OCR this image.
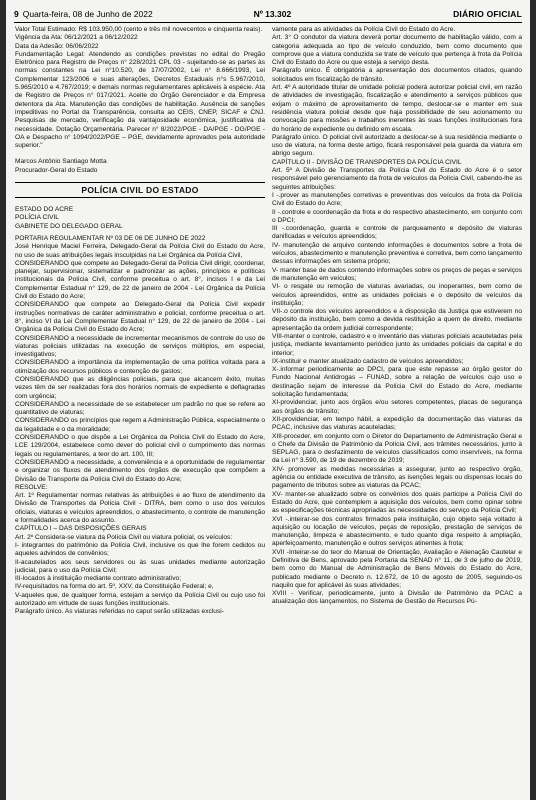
9 Quarta-feira, 08 de Junho de 2022	Nº 13.302	DIÁRIO OFICIAL

Valor Total Estimado: R$ 103.950,00 (cento e três mil novecentos e cinquenta reais).

Vigência da Ata: 06/12/2021 a 06/12/2022

Data da Adesão: 06/06/2022

Fundamentação Legal: Atendendo as condições previstas no edital do Pregão Eletrônico para Registro de Preços n° 228/2021 CPL 03 - sujeitando-se as partes às normas constantes na Lei n°10.520, de 17/07/2002, Lei n° 8.666/1993, Lei Complementar 123/2006 e suas alterações, Decretos Estaduais n°s 5.967/2010, 5.965/2010 e 4.767/2019; e demais normas regulamentares aplicáveis à espécie. Ata de Registro de Preços n° 017/2021. Aceite do Órgão Gerenciador e da Empresa detentora da Ata. Manutenção das condições de habilitação. Ausência de sanções impeditivas no Portal da Transparência, consulta ao CEIS, CNEP, SICAF e CNJ. Pesquisas de mercado, verificação da vantajosidade econômica, justificativa da necessidade. Dotação Orçamentária. Parecer n° 8/2022/PGE - DA/PGE - DG/PGE - OA e Despacho n° 1094/2022/PGE – PGE, devidamente aprovados pela autoridade superior."

Marcos Antônio Santiago Motta

Procurador-Geral do Estado

POLÍCIA CIVIL DO ESTADO

ESTADO DO ACRE

POLÍCIA CIVIL

GABINETE DO DELEGADO GERAL

PORTARIA REGULAMENTAR Nº 03 DE 06 DE JUNHO DE 2022

José Henrique Maciel Ferreira, Delegado-Geral da Polícia Civil do Estado do Acre, no uso de suas atribuições legais insculpidas na Lei Orgânica da Polícia Civil,

CONSIDERANDO que compete ao Delegado-Geral da Polícia Civil dirigir, coordenar, planejar, supervisionar, sistematizar e padronizar as ações, princípios e políticas institucionais da Polícia Civil, conforme preceitua o art. 8°, incisos I e da Lei Complementar Estadual n° 129, de 22 de janeiro de 2004 - Lei Orgânica da Polícia Civil do Estado do Acre;

CONSIDERANDO que compete ao Delegado-Geral da Polícia Civil expedir instruções normativas de caráter administrativo e policial, conforme preceitua o art. 8°, inciso VI da Lei Complementar Estadual n° 129, de 22 de janeiro de 2004 - Lei Orgânica da Polícia Civil do Estado do Acre;

CONSIDERANDO a necessidade de incrementar mecanismos de controle do uso de viaturas policiais utilizadas na execução de serviços múltiplos, em especial, investigativos;

CONSIDERANDO a importância da implementação de uma política voltada para a otimização dos recursos públicos e contenção de gastos;

CONSIDERANDO que as diligências policiais, para que alcancem êxito, muitas vezes têm de ser realizadas fora dos horários normais de expediente e deflagradas com urgência;

CONSIDERANDO a necessidade de se estabelecer um padrão no que se refere ao quantitativo de viaturas;

CONSIDERANDO os princípios que regem a Administração Pública, especialmente o da legalidade e o da moralidade;

CONSIDERANDO o que dispõe a Lei Orgânica da Polícia Civil do Estado do Acre, LCE 129/2004, estabelece como dever do policial civil o cumprimento das normas legais ou regulamentares, a teor do art. 100, III;

CONSIDERANDO a necessidade, a conveniência e a oportunidade de regulamentar e organizar os fluxos de atendimento dos órgãos de execução que compõem a Divisão de Transporte da Polícia Civil do Estado do Acre;

RESOLVE:

Art. 1º Regulamentar normas relativas às atribuições e ao fluxo de atendimento da Divisão de Transportes da Polícia Civil - DITRA, bem como o uso dos veículos oficiais, viaturas e veículos apreendidos, o abastecimento, o controle de manutenção e formalidades acerca do assunto.

CAPÍTULO I – DAS DISPOSIÇÕES GERAIS

Art. 2º Considera-se viatura da Polícia Civil ou viatura policial, os veículos:

I- integrantes do patrimônio da Polícia Civil, inclusive os que lhe forem cedidos ou aqueles advindos de convênios;

II-acautelados aos seus servidores ou às suas unidades mediante autorização judicial, para o uso da Polícia Civil;

III-locados à instituição mediante contrato administrativo;

IV-requisitados na forma do art. 5º, XXV, da Constituição Federal; e,

V-aqueles que, de qualquer forma, estejam a serviço da Polícia Civil ou cujo uso foi autorizado em virtude de suas funções institucionais.

Parágrafo único. As viaturas referidas no caput serão utilizadas exclusi-

vamente para as atividades da Polícia Civil do Estado do Acre.

Art. 3° O condutor da viatura deverá portar documento de habilitação válido, com a categoria adequada ao tipo de veículo conduzido, bem como documento que comprove que a viatura conduzida se trate de veículo que pertença à frota da Polícia Civil do Estado do Acre ou que esteja a serviço desta.

Parágrafo único. É obrigatória a apresentação dos documentos citados, quando solicitados em fiscalização de trânsito.

Art. 4º A autoridade titular de unidade policial poderá autorizar policial civil, em razão de atividades de investigação, fiscalização e atendimento a serviços públicos que exijam o máximo de aproveitamento de tempo, deslocar-se e manter em sua residência viatura policial desde que haja possibilidade de seu acionamento ou convocação para missões e trabalhos inerentes às suas funções institucionais fora do horário de expediente ou definido em escala.

Parágrafo único. O policial civil autorizado a deslocar-se à sua residência mediante o uso de viatura, na forma deste artigo, ficará responsável pela guarda da viatura em abrigo seguro.

CAPÍTULO II - DIVISÃO DE TRANSPORTES DA POLÍCIA CIVIL

Art. 5º A Divisão de Transportes da Polícia Civil do Estado do Acre é o setor responsável pelo gerenciamento da frota de veículos da Polícia Civil, cabendo-lhe as seguintes atribuições:

I -.prover as manutenções corretivas e preventivas dos veículos da frota da Polícia Civil do Estado do Acre;

II -.controle e coordenação da frota e do respectivo abastecimento, em conjunto com o DPCI;

III -.coordenação, guarda e controle de parqueamento e depósito de viaturas danificadas e veículos apreendidos;

IV- manutenção de arquivo contendo informações e documentos sobre a frota de veículos, abastecimento e manutenção preventiva e corretiva, bem como lançamento dessas informações em sistema próprio;

V- manter base de dados contendo informações sobre os preços de peças e serviços de manutenção em veículos;

VI- o resgate ou remoção de viaturas avariadas, ou inoperantes, bem como de veículos apreendidos, entre as unidades policiais e o depósito de veículos da instituição;

VII-.o controle dos veículos apreendidos e à disposição da Justiça que estiverem no depósito da instituição, bem como a devida restituição a quem de direito, mediante apresentação da ordem judicial correspondente;

VIII-manter o controle, cadastro e o inventário das viaturas policiais acauteladas pela justiça, mediante levantamento periódico junto às unidades policiais da capital e do interior;

IX-instituir e manter atualizado cadastro de veículos apreendidos;

X-.informar periodicamente ao DPCI, para que este repasse ao órgão gestor do Fundo Nacional Antidrogas – FUNAD, sobre a relação de veículos cujo uso e destinação sejam de interesse da Polícia Civil do Estado do Acre, mediante solicitação fundamentada;

XI-providenciar, junto aos órgãos e/ou setores competentes, placas de segurança aos órgãos de trânsito;

XII-providenciar, em tempo hábil, a expedição da documentação das viaturas da PCAC, inclusive das viaturas acauteladas;

XIII-proceder, em conjunto com o Diretor do Departamento de Administração Geral e o Chefe da Divisão de Patrimônio da Polícia Civil, aos trâmites necessários, junto à SEPLAG, para o desfazimento de veículos classificados como inservíveis, na forma da Lei n° 3.590, de 19 de dezembro de 2019;

XIV- promover as medidas necessárias a assegurar, junto ao respectivo órgão, agência ou entidade executiva de trânsito, as isenções legais ou dispensas locais do pagamento de tributos sobre as viaturas da PCAC;

XV- manter-se atualizado sobre os convênios dos quais participe a Polícia Civil do Estado do Acre, que contemplem a aquisição dos veículos, bem como opinar sobre as especificações técnicas apropriadas às necessidades do serviço da Polícia Civil;

XVI -.inteirar-se dos contratos firmados pela instituição, cujo objeto seja voltado à aquisição ou locação de veículos, peças de reposição, prestação de serviços de manutenção, limpeza e abastecimento, e tudo quanto diga respeito à ampliação, aperfeiçoamento, manutenção e outros serviços atinentes à frota;

XVII -Inteirar-se do teor do Manual de Orientação, Avaliação e Alienação Cautelar e Definitiva de Bens, aprovado pela Portaria da SENAD n° 11, de 3 de julho de 2019, bem como do Manual de Administração de Bens Móveis do Estado do Acre, publicado mediante o Decreto n. 12.672, de 10 de agosto de 2005, seguindo-os naquilo que for aplicável às suas atividades;

XVIII - Verificar, periodicamente, junto à Divisão de Patrimônio da PCAC a atualização dos lançamentos, no Sistema de Gestão de Recursos Pú-
